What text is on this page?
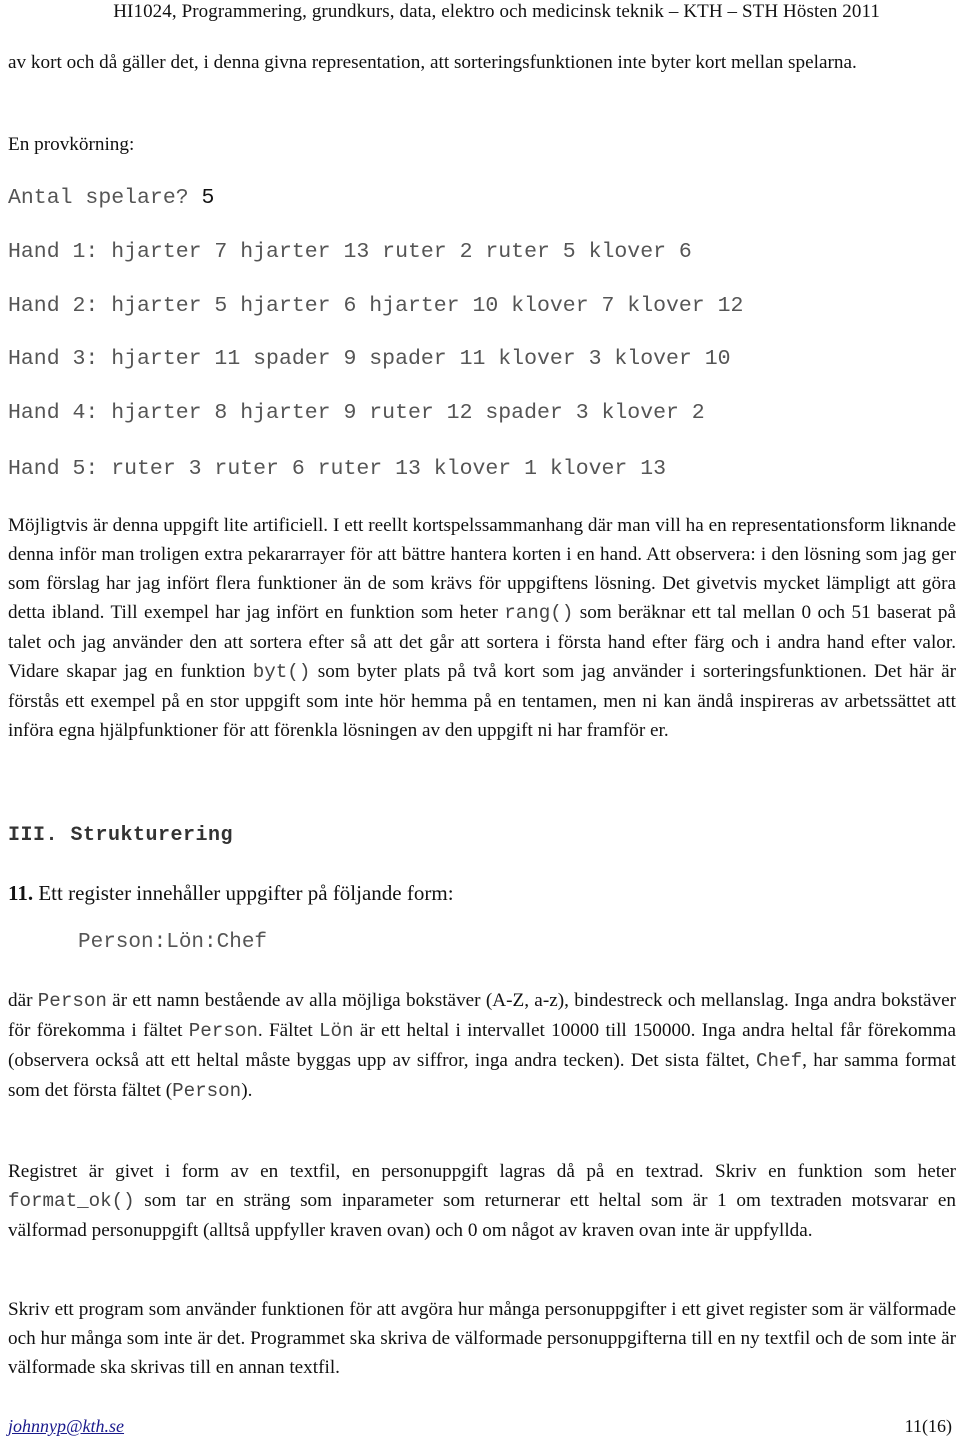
HI1024, Programmering, grundkurs, data, elektro och medicinsk teknik – KTH – STH Hösten 2011

av kort och då gäller det, i denna givna representation, att sorteringsfunktionen inte byter kort mellan spelarna.

En provkörning:

Antal spelare? 5
Hand 1: hjarter 7 hjarter 13 ruter 2 ruter 5 klover 6
Hand 2: hjarter 5 hjarter 6 hjarter 10 klover 7 klover 12
Hand 3: hjarter 11 spader 9 spader 11 klover 3 klover 10
Hand 4: hjarter 8 hjarter 9 ruter 12 spader 3 klover 2
Hand 5: ruter 3 ruter 6 ruter 13 klover 1 klover 13

Möjligtvis är denna uppgift lite artificiell. I ett reellt kortspelssammanhang där man vill ha en representationsform liknande denna inför man troligen extra pekararrayer för att bättre hantera korten i en hand. Att observera: i den lösning som jag ger som förslag har jag infört flera funktioner än de som krävs för uppgiftens lösning. Det givetvis mycket lämpligt att göra detta ibland. Till exempel har jag infört en funktion som heter rang() som beräknar ett tal mellan 0 och 51 baserat på talet och jag använder den att sortera efter så att det går att sortera i första hand efter färg och i andra hand efter valor. Vidare skapar jag en funktion byt() som byter plats på två kort som jag använder i sorteringsfunktionen. Det här är förstås ett exempel på en stor uppgift som inte hör hemma på en tentamen, men ni kan ändå inspireras av arbetssättet att införa egna hjälpfunktioner för att förenkla lösningen av den uppgift ni har framför er.

III. Strukturering
11. Ett register innehåller uppgifter på följande form:
Person:Lön:Chef

där Person är ett namn bestående av alla möjliga bokstäver (A-Z, a-z), bindestreck och mellanslag. Inga andra bokstäver för förekomma i fältet Person. Fältet Lön är ett heltal i intervallet 10000 till 150000. Inga andra heltal får förekomma (observera också att ett heltal måste byggas upp av siffror, inga andra tecken). Det sista fältet, Chef, har samma format som det första fältet (Person).

Registret är givet i form av en textfil, en personuppgift lagras då på en textrad. Skriv en funktion som heter format_ok() som tar en sträng som inparameter som returnerar ett heltal som är 1 om textraden motsvarar en välformad personuppgift (alltså uppfyller kraven ovan) och 0 om något av kraven ovan inte är uppfyllda.

Skriv ett program som använder funktionen för att avgöra hur många personuppgifter i ett givet register som är välformade och hur många som inte är det. Programmet ska skriva de välformade personuppgifterna till en ny textfil och de som inte är välformade ska skrivas till en annan textfil.

johnnyp@kth.se	11(16)
